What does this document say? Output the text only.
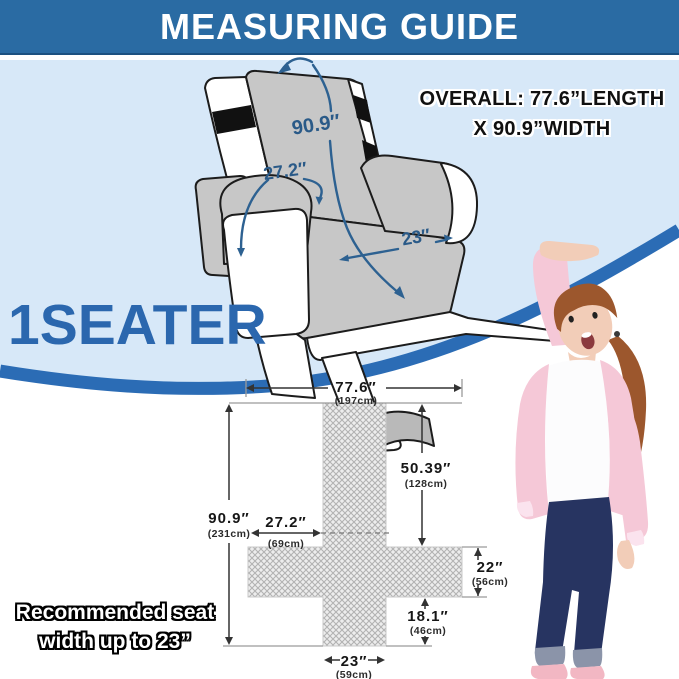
90.9″
27.2″
23″
77.6″
(197cm)
90.9″
(231cm)
50.39″
(128cm)
27.2″
(69cm)
22″
(56cm)
18.1″
(46cm)
23″
(59cm)
MEASURING GUIDE
OVERALL: 77.6”LENGTH
X 90.9”WIDTH
1SEATER
Recommended seat
width up to 23”
